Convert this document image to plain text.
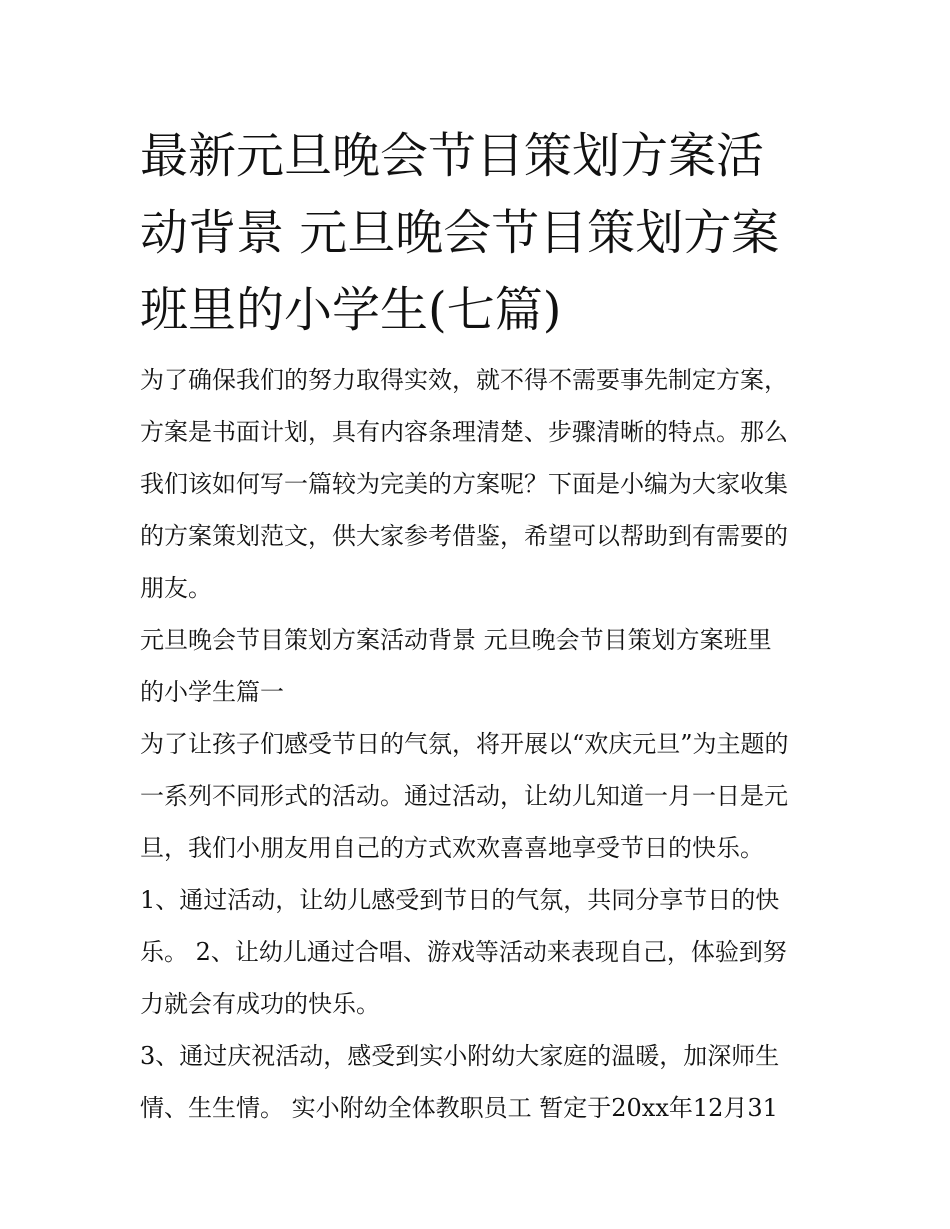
最新元旦晚会节目策划方案活
动背景 元旦晚会节目策划方案
班里的小学生(七篇)
为了确保我们的努力取得实效，就不得不需要事先制定方案，
方案是书面计划，具有内容条理清楚、步骤清晰的特点。那么
我们该如何写一篇较为完美的方案呢？下面是小编为大家收集
的方案策划范文，供大家参考借鉴，希望可以帮助到有需要的
朋友。
元旦晚会节目策划方案活动背景 元旦晚会节目策划方案班里
的小学生篇一
为了让孩子们感受节日的气氛，将开展以“欢庆元旦”为主题的
一系列不同形式的活动。通过活动，让幼儿知道一月一日是元
旦，我们小朋友用自己的方式欢欢喜喜地享受节日的快乐。
1、通过活动，让幼儿感受到节日的气氛，共同分享节日的快
乐。 2、让幼儿通过合唱、游戏等活动来表现自己，体验到努
力就会有成功的快乐。
3、通过庆祝活动，感受到实小附幼大家庭的温暖，加深师生
情、生生情。 实小附幼全体教职员工 暂定于20xx年12月31
